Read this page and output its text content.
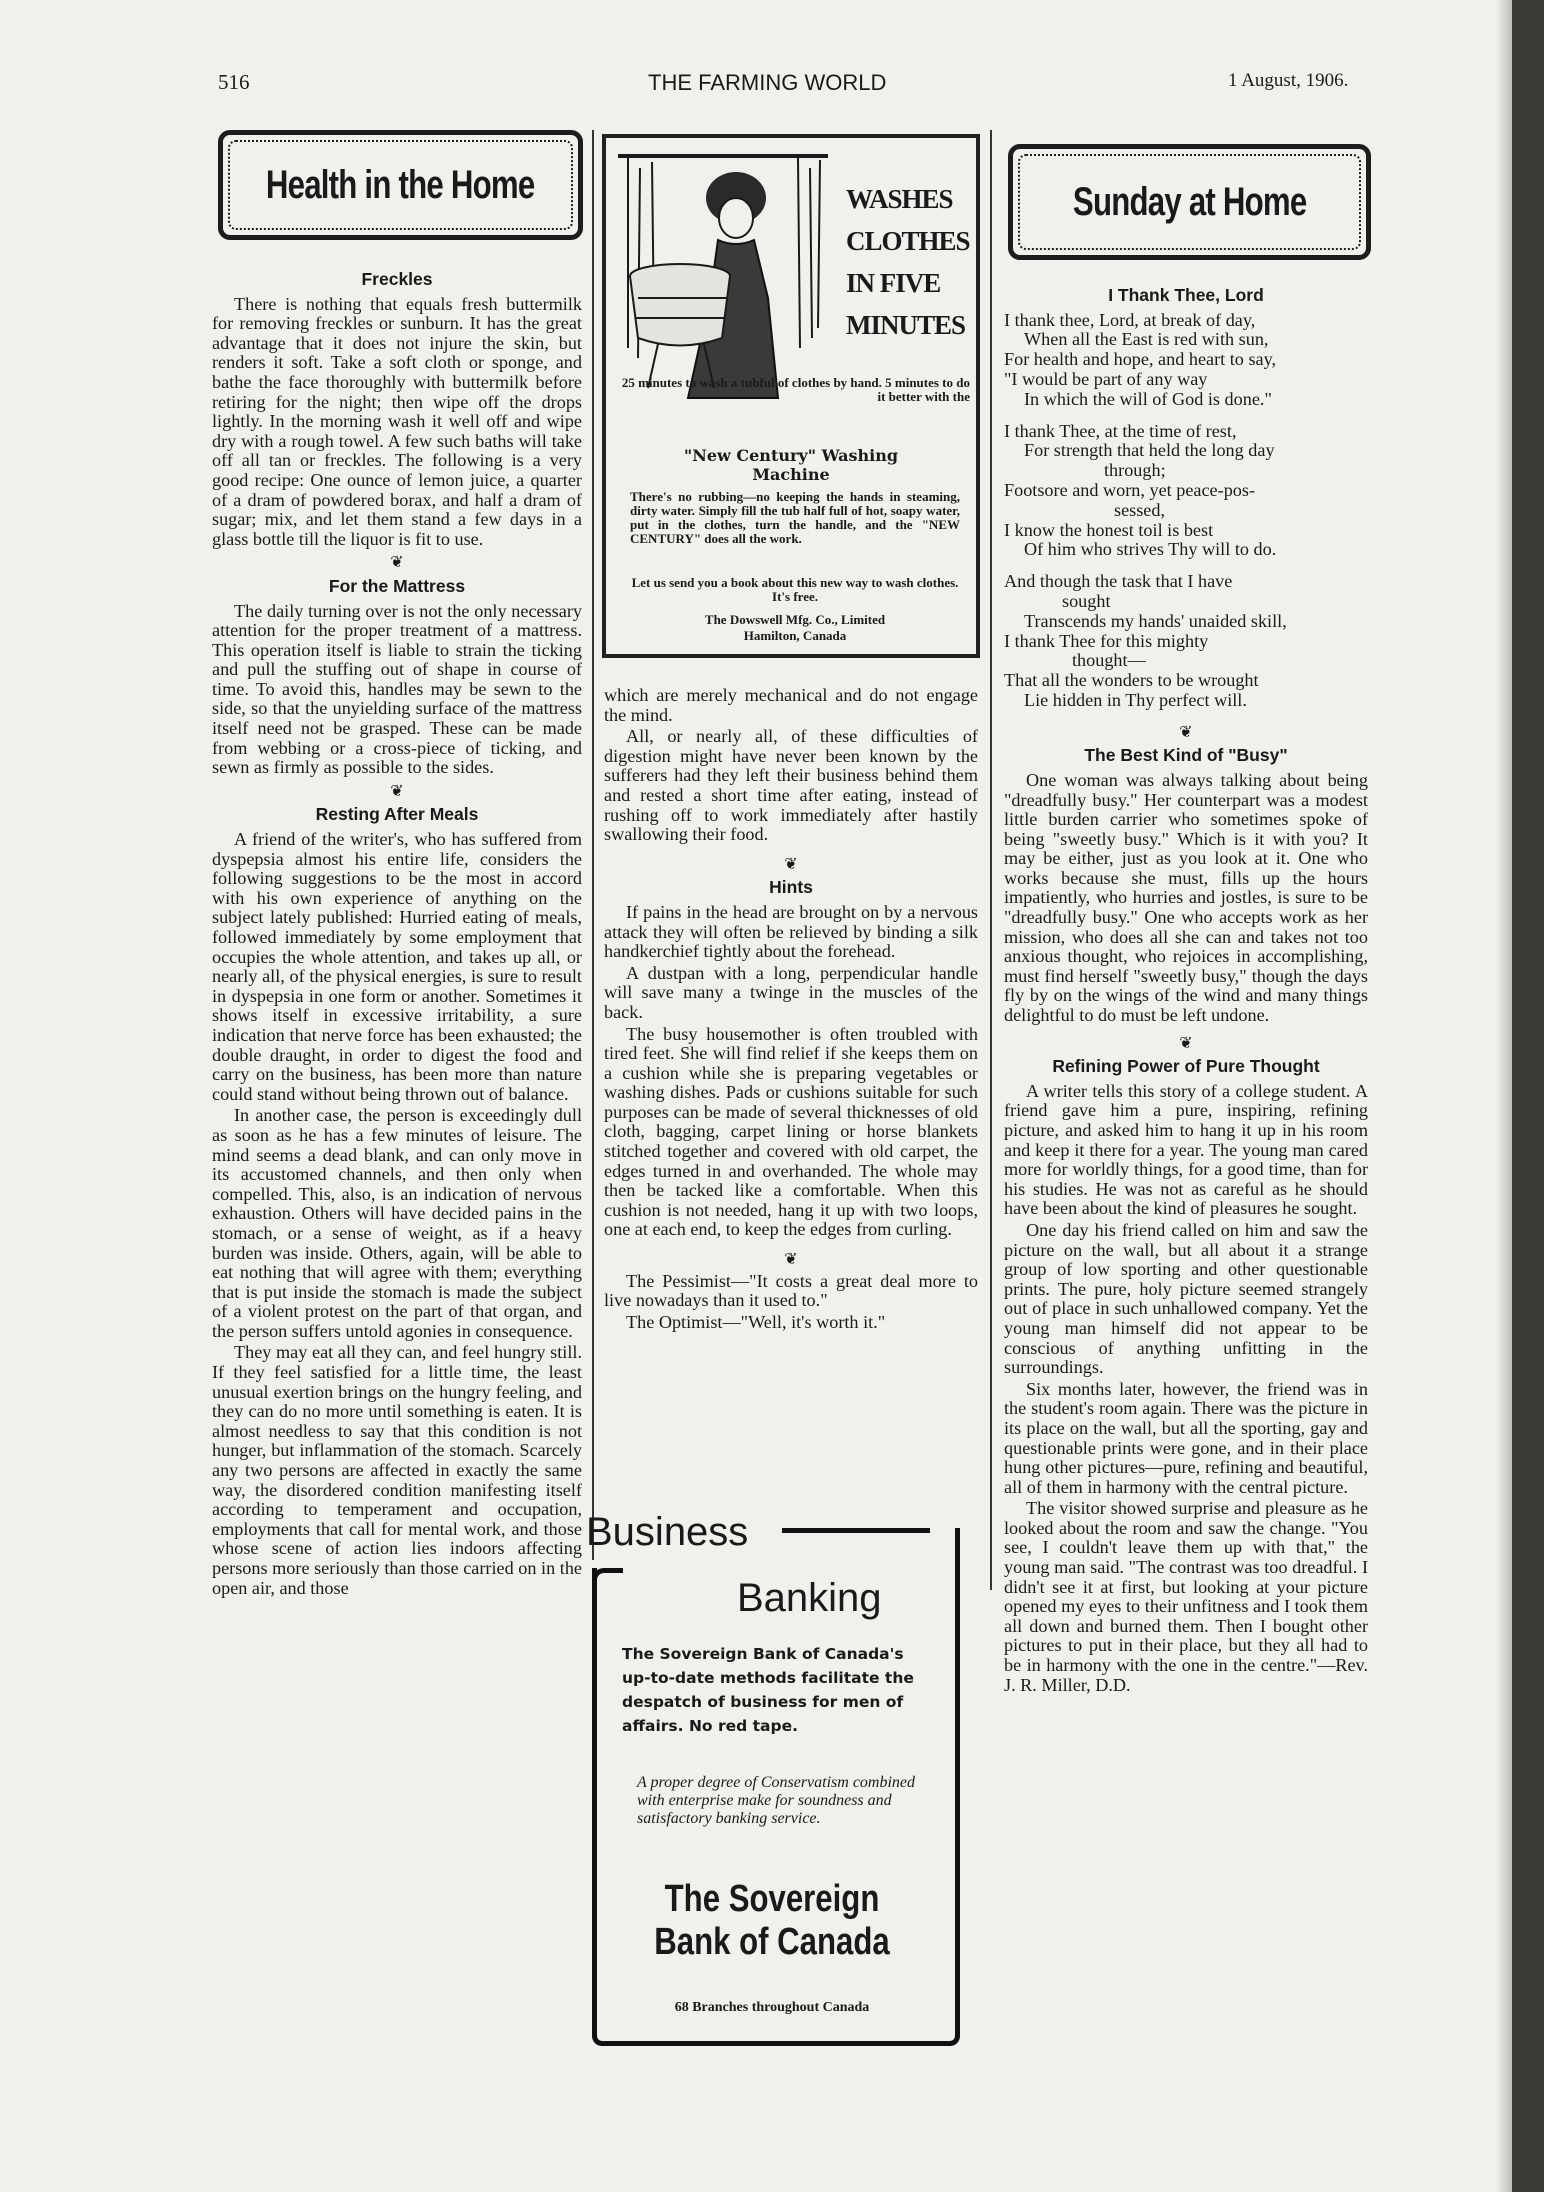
516	THE FARMING WORLD	1 August, 1906.
Health in the Home
Freckles

There is nothing that equals fresh buttermilk for removing freckles or sunburn. It has the great advantage that it does not injure the skin, but renders it soft. Take a soft cloth or sponge, and bathe the face thoroughly with buttermilk before retiring for the night; then wipe off the drops lightly. In the morning wash it well off and wipe dry with a rough towel. A few such baths will take off all tan or freckles. The following is a very good recipe: One ounce of lemon juice, a quarter of a dram of powdered borax, and half a dram of sugar; mix, and let them stand a few days in a glass bottle till the liquor is fit to use.

❦
For the Mattress

The daily turning over is not the only necessary attention for the proper treatment of a mattress. This operation itself is liable to strain the ticking and pull the stuffing out of shape in course of time. To avoid this, handles may be sewn to the side, so that the unyielding surface of the mattress itself need not be grasped. These can be made from webbing or a cross-piece of ticking, and sewn as firmly as possible to the sides.

❦
Resting After Meals

A friend of the writer's, who has suffered from dyspepsia almost his entire life, considers the following suggestions to be the most in accord with his own experience of anything on the subject lately published: Hurried eating of meals, followed immediately by some employment that occupies the whole attention, and takes up all, or nearly all, of the physical energies, is sure to result in dyspepsia in one form or another. Sometimes it shows itself in excessive irritability, a sure indication that nerve force has been exhausted; the double draught, in order to digest the food and carry on the business, has been more than nature could stand without being thrown out of balance.

In another case, the person is exceedingly dull as soon as he has a few minutes of leisure. The mind seems a dead blank, and can only move in its accustomed channels, and then only when compelled. This, also, is an indication of nervous exhaustion. Others will have decided pains in the stomach, or a sense of weight, as if a heavy burden was inside. Others, again, will be able to eat nothing that will agree with them; everything that is put inside the stomach is made the subject of a violent protest on the part of that organ, and the person suffers untold agonies in consequence.

They may eat all they can, and feel hungry still. If they feel satisfied for a little time, the least unusual exertion brings on the hungry feeling, and they can do no more until something is eaten. It is almost needless to say that this condition is not hunger, but inflammation of the stomach. Scarcely any two persons are affected in exactly the same way, the disordered condition manifesting itself according to temperament and occupation, employments that call for mental work, and those whose scene of action lies indoors affecting persons more seriously than those carried on in the open air, and those

WASHES
CLOTHES
IN FIVE
MINUTES
25 minutes to wash a tubful of clothes by hand. 5 minutes to do it better with the
"New Century" Washing Machine
There's no rubbing—no keeping the hands in steaming, dirty water. Simply fill the tub half full of hot, soapy water, put in the clothes, turn the handle, and the "NEW CENTURY" does all the work.
Let us send you a book about this new way to wash clothes. It's free.
The Dowswell Mfg. Co., Limited
Hamilton, Canada

which are merely mechanical and do not engage the mind.

All, or nearly all, of these difficulties of digestion might have never been known by the sufferers had they left their business behind them and rested a short time after eating, instead of rushing off to work immediately after hastily swallowing their food.

❦
Hints

If pains in the head are brought on by a nervous attack they will often be relieved by binding a silk handkerchief tightly about the forehead.

A dustpan with a long, perpendicular handle will save many a twinge in the muscles of the back.

The busy housemother is often troubled with tired feet. She will find relief if she keeps them on a cushion while she is preparing vegetables or washing dishes. Pads or cushions suitable for such purposes can be made of several thicknesses of old cloth, bagging, carpet lining or horse blankets stitched together and covered with old carpet, the edges turned in and overhanded. The whole may then be tacked like a comfortable. When this cushion is not needed, hang it up with two loops, one at each end, to keep the edges from curling.

❦

The Pessimist—"It costs a great deal more to live nowadays than it used to."

The Optimist—"Well, it's worth it."

Business
Banking
The Sovereign Bank of Canada's up-to-date methods facilitate the despatch of business for men of affairs. No red tape.
A proper degree of Conservatism combined with enterprise make for soundness and satisfactory banking service.
The Sovereign
Bank of Canada
68 Branches throughout Canada
Sunday at Home
I Thank Thee, Lord
I thank thee, Lord, at break of day,
When all the East is red with sun,
For health and hope, and heart to say,
"I would be part of any way
In which the will of God is done."
I thank Thee, at the time of rest,
For strength that held the long day
through;
Footsore and worn, yet peace-pos-
sessed,
I know the honest toil is best
Of him who strives Thy will to do.
And though the task that I have
sought
Transcends my hands' unaided skill,
I thank Thee for this mighty
thought—
That all the wonders to be wrought
Lie hidden in Thy perfect will.
❦
The Best Kind of "Busy"

One woman was always talking about being "dreadfully busy." Her counterpart was a modest little burden carrier who sometimes spoke of being "sweetly busy." Which is it with you? It may be either, just as you look at it. One who works because she must, fills up the hours impatiently, who hurries and jostles, is sure to be "dreadfully busy." One who accepts work as her mission, who does all she can and takes not too anxious thought, who rejoices in accomplishing, must find herself "sweetly busy," though the days fly by on the wings of the wind and many things delightful to do must be left undone.

❦
Refining Power of Pure Thought

A writer tells this story of a college student. A friend gave him a pure, inspiring, refining picture, and asked him to hang it up in his room and keep it there for a year. The young man cared more for worldly things, for a good time, than for his studies. He was not as careful as he should have been about the kind of pleasures he sought.

One day his friend called on him and saw the picture on the wall, but all about it a strange group of low sporting and other questionable prints. The pure, holy picture seemed strangely out of place in such unhallowed company. Yet the young man himself did not appear to be conscious of anything unfitting in the surroundings.

Six months later, however, the friend was in the student's room again. There was the picture in its place on the wall, but all the sporting, gay and questionable prints were gone, and in their place hung other pictures—pure, refining and beautiful, all of them in harmony with the central picture.

The visitor showed surprise and pleasure as he looked about the room and saw the change. "You see, I couldn't leave them up with that," the young man said. "The contrast was too dreadful. I didn't see it at first, but looking at your picture opened my eyes to their unfitness and I took them all down and burned them. Then I bought other pictures to put in their place, but they all had to be in harmony with the one in the centre."—Rev. J. R. Miller, D.D.
